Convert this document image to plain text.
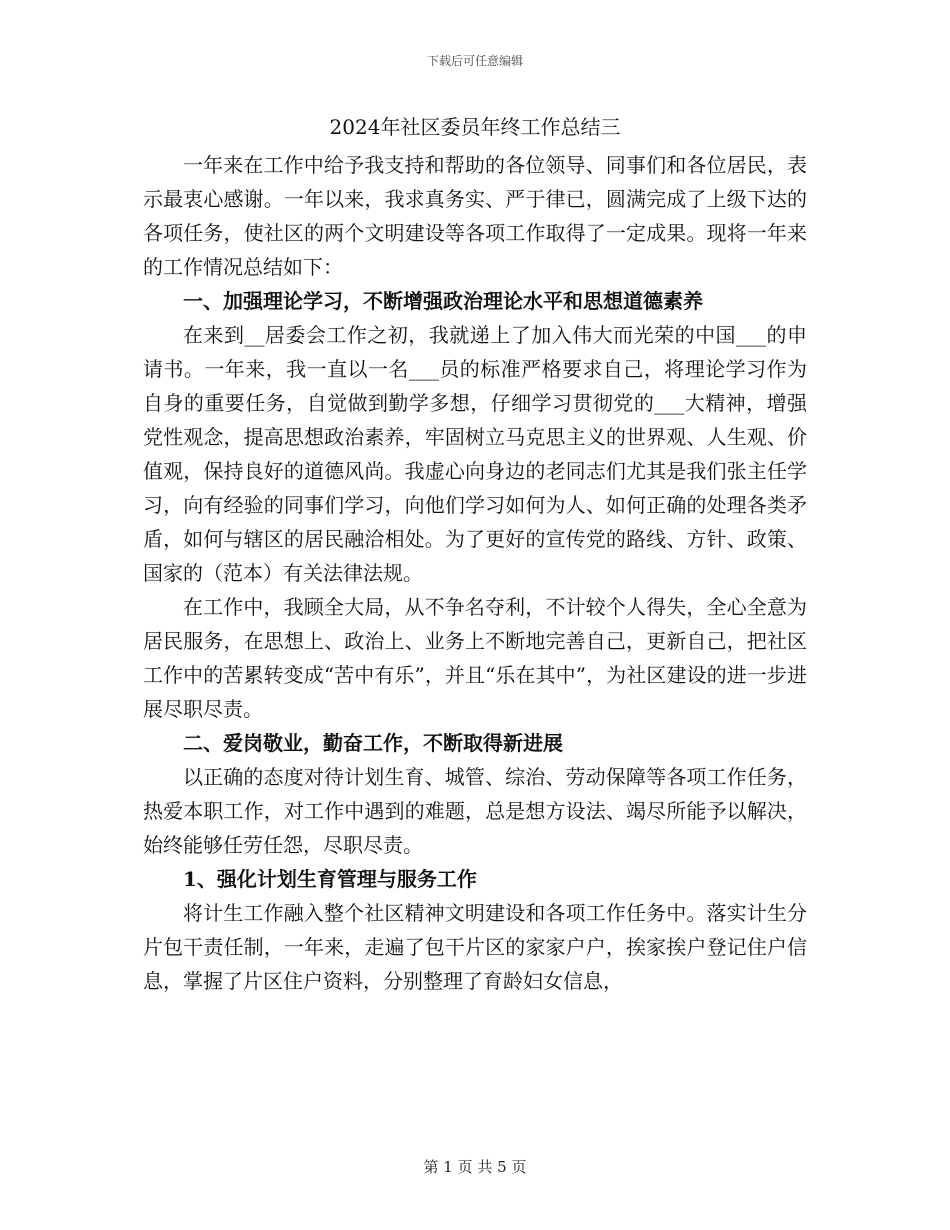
下载后可任意编辑
2024年社区委员年终工作总结三

一年来在工作中给予我支持和帮助的各位领导、同事们和各位居民，表示最衷心感谢。一年以来，我求真务实、严于律已，圆满完成了上级下达的各项任务，使社区的两个文明建设等各项工作取得了一定成果。现将一年来的工作情况总结如下：

一、加强理论学习，不断增强政治理论水平和思想道德素养

在来到__居委会工作之初，我就递上了加入伟大而光荣的中国___的申请书。一年来，我一直以一名___员的标准严格要求自己，将理论学习作为自身的重要任务，自觉做到勤学多想，仔细学习贯彻党的___大精神，增强党性观念，提高思想政治素养，牢固树立马克思主义的世界观、人生观、价值观，保持良好的道德风尚。我虚心向身边的老同志们尤其是我们张主任学习，向有经验的同事们学习，向他们学习如何为人、如何正确的处理各类矛盾，如何与辖区的居民融洽相处。为了更好的宣传党的路线、方针、政策、国家的（范本）有关法律法规。

在工作中，我顾全大局，从不争名夺利，不计较个人得失，全心全意为居民服务，在思想上、政治上、业务上不断地完善自己，更新自己，把社区工作中的苦累转变成“苦中有乐”，并且“乐在其中”，为社区建设的进一步进展尽职尽责。

二、爱岗敬业，勤奋工作，不断取得新进展

以正确的态度对待计划生育、城管、综治、劳动保障等各项工作任务，热爱本职工作，对工作中遇到的难题，总是想方设法、竭尽所能予以解决，始终能够任劳任怨，尽职尽责。

1、强化计划生育管理与服务工作

将计生工作融入整个社区精神文明建设和各项工作任务中。落实计生分片包干责任制，一年来，走遍了包干片区的家家户户，挨家挨户登记住户信息，掌握了片区住户资料，分别整理了育龄妇女信息，

第 1 页 共 5 页
